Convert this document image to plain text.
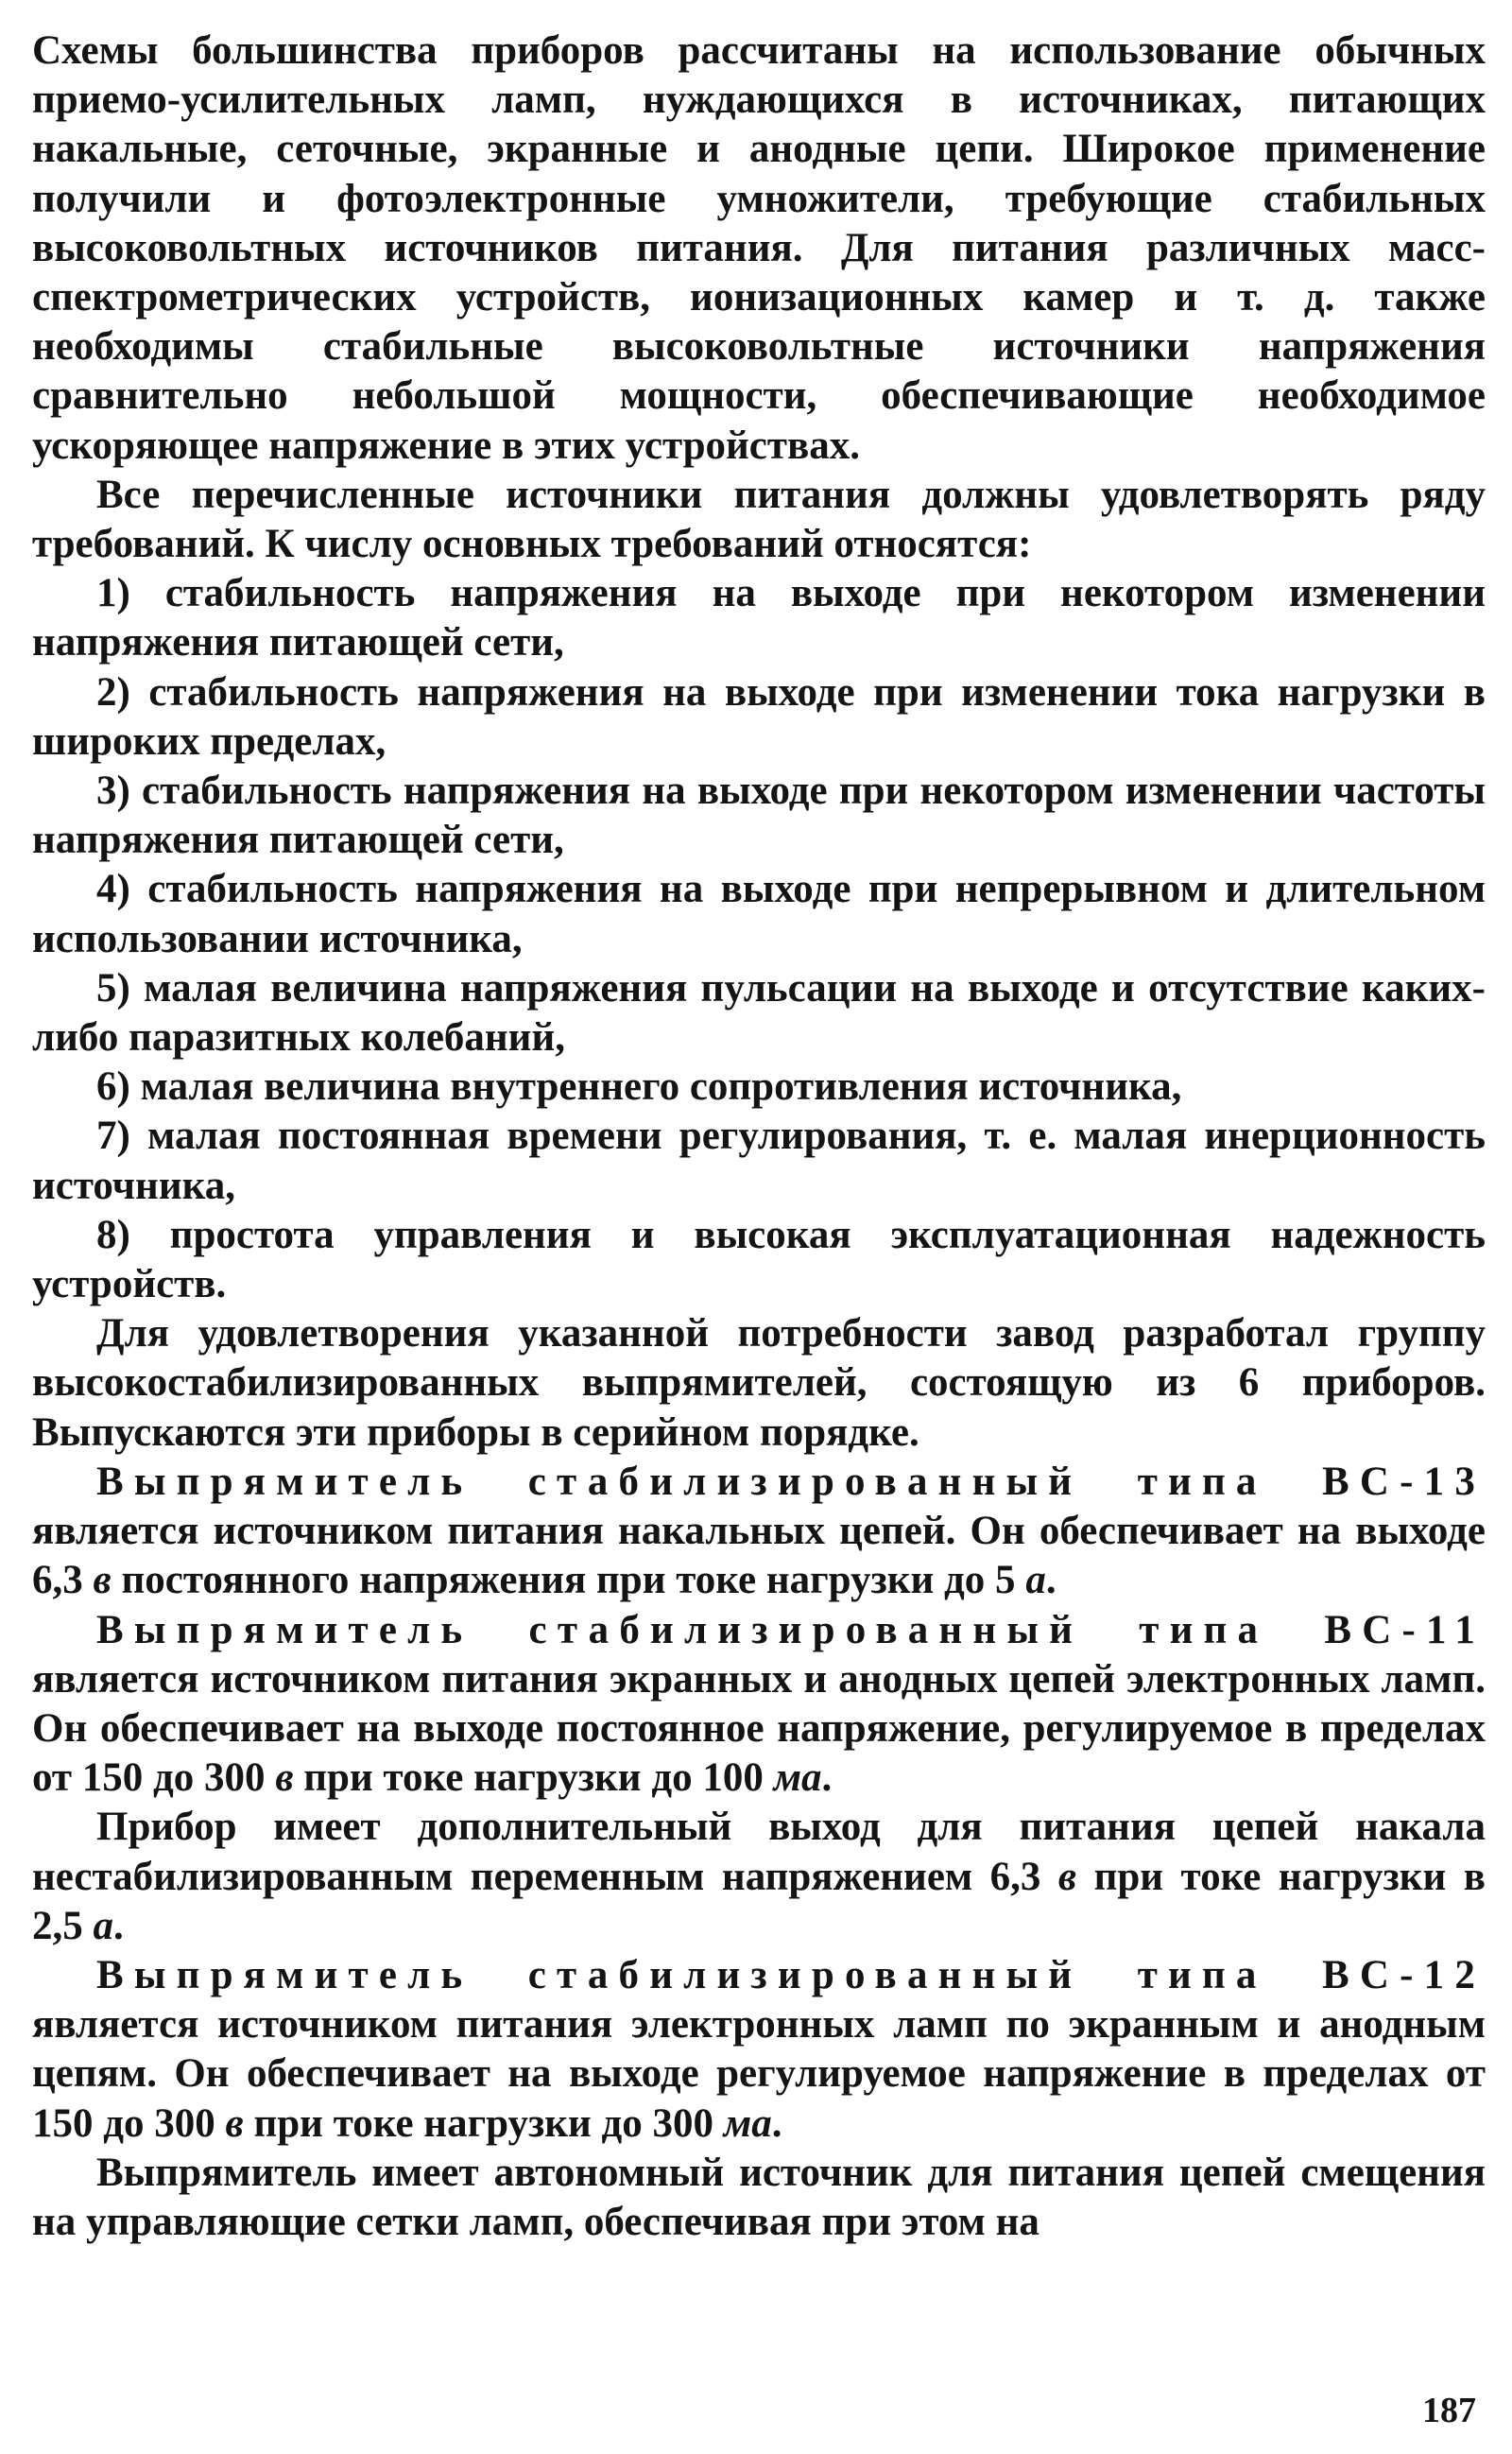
Схемы большинства приборов рассчитаны на использование обычных приемо-усилительных ламп, нуждающихся в источниках, питающих накальные, сеточные, экранные и анодные цепи. Широкое применение получили и фотоэлектронные умножители, требующие стабильных высоковольтных источников питания. Для питания различных масс-спектрометрических устройств, ионизационных камер и т. д. также необходимы стабильные высоковольтные источники напряжения сравнительно небольшой мощности, обеспечивающие необходимое ускоряющее напряжение в этих устройствах.

Все перечисленные источники питания должны удовлетворять ряду требований. К числу основных требований относятся:

1) стабильность напряжения на выходе при некотором изменении напряжения питающей сети,

2) стабильность напряжения на выходе при изменении тока нагрузки в широких пределах,

3) стабильность напряжения на выходе при некотором изменении частоты напряжения питающей сети,

4) стабильность напряжения на выходе при непрерывном и длительном использовании источника,

5) малая величина напряжения пульсации на выходе и отсутствие каких-либо паразитных колебаний,

6) малая величина внутреннего сопротивления источника,

7) малая постоянная времени регулирования, т. е. малая инерционность источника,

8) простота управления и высокая эксплуатационная надежность устройств.

Для удовлетворения указанной потребности завод разработал группу высокостабилизированных выпрямителей, состоящую из 6 приборов. Выпускаются эти приборы в серийном порядке.

Выпрямитель стабилизированный типа ВС-13 является источником питания накальных цепей. Он обеспечивает на выходе 6,3 в постоянного напряжения при токе нагрузки до 5 а.

Выпрямитель стабилизированный типа ВС-11 является источником питания экранных и анодных цепей электронных ламп. Он обеспечивает на выходе постоянное напряжение, регулируемое в пределах от 150 до 300 в при токе нагрузки до 100 ма.

Прибор имеет дополнительный выход для питания цепей накала нестабилизированным переменным напряжением 6,3 в при токе нагрузки в 2,5 а.

Выпрямитель стабилизированный типа ВС-12 является источником питания электронных ламп по экранным и анодным цепям. Он обеспечивает на выходе регулируемое напряжение в пределах от 150 до 300 в при токе нагрузки до 300 ма.

Выпрямитель имеет автономный источник для питания цепей смещения на управляющие сетки ламп, обеспечивая при этом на

187
